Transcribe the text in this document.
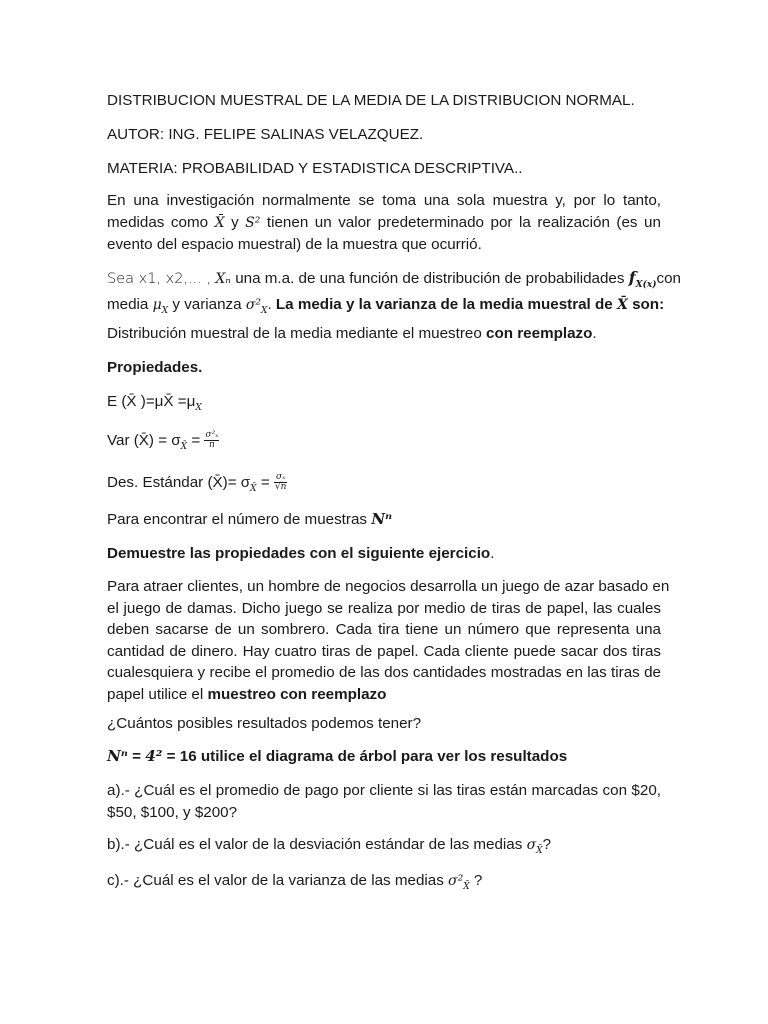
DISTRIBUCION MUESTRAL DE LA MEDIA DE LA DISTRIBUCION NORMAL.

AUTOR: ING. FELIPE SALINAS VELAZQUEZ.

MATERIA: PROBABILIDAD Y ESTADISTICA DESCRIPTIVA..

En una investigación normalmente se toma una sola muestra y, por lo tanto,
medidas como X̄ y S² tienen un valor predeterminado por la realización (es un
evento del espacio muestral) de la muestra que ocurrió.
Sea x1, x2,... , Xₙ una m.a. de una función de distribución de probabilidades $f_{X(x)}con$
media $\mu_X$ y varianza $\sigma^2_X$. La media y la varianza de la media muestral de X̄ son:

Distribución muestral de la media mediante el muestreo con reemplazo.

Propiedades.

E (X̄ )=μX̄ $=\mu_X$

Var (X̄) = $\sigma_{X̄} = \frac{\text{σ²ₓ}}{n}$

Des. Estándar (X̄)= $\sigma_{X̄} = \frac{\text{σₓ}}{√n}$

Para encontrar el número de muestras Nⁿ

Demuestre las propiedades con el siguiente ejercicio.

Para atraer clientes, un hombre de negocios desarrolla un juego de azar basado en
el juego de damas. Dicho juego se realiza por medio de tiras de papel, las cuales
deben sacarse de un sombrero. Cada tira tiene un número que representa una
cantidad de dinero. Hay cuatro tiras de papel. Cada cliente puede sacar dos tiras
cualesquiera y recibe el promedio de las dos cantidades mostradas en las tiras de
papel utilice el muestreo con reemplazo

¿Cuántos posibles resultados podemos tener?

Nⁿ = 4² = 16 utilice el diagrama de árbol para ver los resultados

a).- ¿Cuál es el promedio de pago por cliente si las tiras están marcadas con $20,
$50, $100, y $200?

b).- ¿Cuál es el valor de la desviación estándar de las medias $\sigma_{X̄}$?

c).- ¿Cuál es el valor de la varianza de las medias $\sigma^2_{X̄}$ ?
